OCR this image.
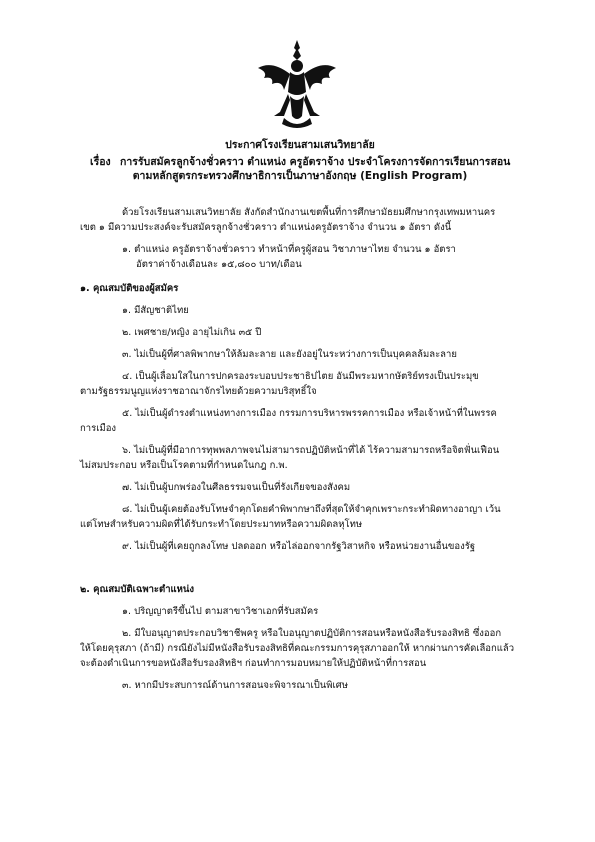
ประกาศโรงเรียนสามเสนวิทยาลัย
เรื่อง การรับสมัครลูกจ้างชั่วคราว ตำแหน่ง ครูอัตราจ้าง ประจำโครงการจัดการเรียนการสอน
ตามหลักสูตรกระทรวงศึกษาธิการเป็นภาษาอังกฤษ (English Program)

ด้วยโรงเรียนสามเสนวิทยาลัย สังกัดสำนักงานเขตพื้นที่การศึกษามัธยมศึกษากรุงเทพมหานคร

เขต ๑ มีความประสงค์จะรับสมัครลูกจ้างชั่วคราว ตำแหน่งครูอัตราจ้าง จำนวน ๑ อัตรา ดังนี้

๑. ตำแหน่ง ครูอัตราจ้างชั่วคราว ทำหน้าที่ครูผู้สอน วิชาภาษาไทย จำนวน ๑ อัตรา

อัตราค่าจ้างเดือนละ ๑๕,๘๐๐ บาท/เดือน

๑. คุณสมบัติของผู้สมัคร

๑. มีสัญชาติไทย

๒. เพศชาย/หญิง อายุไม่เกิน ๓๕ ปี

๓. ไม่เป็นผู้ที่ศาลพิพากษาให้ล้มละลาย และยังอยู่ในระหว่างการเป็นบุคคลล้มละลาย

๔. เป็นผู้เลื่อมใสในการปกครองระบอบประชาธิปไตย อันมีพระมหากษัตริย์ทรงเป็นประมุข

ตามรัฐธรรมนูญแห่งราชอาณาจักรไทยด้วยความบริสุทธิ์ใจ

๕. ไม่เป็นผู้ดำรงตำแหน่งทางการเมือง กรรมการบริหารพรรคการเมือง หรือเจ้าหน้าที่ในพรรค

การเมือง

๖. ไม่เป็นผู้ที่มีอาการทุพพลภาพจนไม่สามารถปฏิบัติหน้าที่ได้ ไร้ความสามารถหรือจิตฟั่นเฟือน

ไม่สมประกอบ หรือเป็นโรคตามที่กำหนดในกฎ ก.พ.

๗. ไม่เป็นผู้บกพร่องในศีลธรรมจนเป็นที่รังเกียจของสังคม

๘. ไม่เป็นผู้เคยต้องรับโทษจำคุกโดยคำพิพากษาถึงที่สุดให้จำคุกเพราะกระทำผิดทางอาญา เว้น

แต่โทษสำหรับความผิดที่ได้รับกระทำโดยประมาทหรือความผิดลหุโทษ

๙. ไม่เป็นผู้ที่เคยถูกลงโทษ ปลดออก หรือไล่ออกจากรัฐวิสาหกิจ หรือหน่วยงานอื่นของรัฐ

๒. คุณสมบัติเฉพาะตำแหน่ง

๑. ปริญญาตรีขึ้นไป ตามสาขาวิชาเอกที่รับสมัคร

๒. มีใบอนุญาตประกอบวิชาชีพครู หรือใบอนุญาตปฏิบัติการสอนหรือหนังสือรับรองสิทธิ ซึ่งออก

ให้โดยคุรุสภา (ถ้ามี) กรณียังไม่มีหนังสือรับรองสิทธิที่คณะกรรมการคุรุสภาออกให้ หากผ่านการคัดเลือกแล้ว

จะต้องดำเนินการขอหนังสือรับรองสิทธิฯ ก่อนทำการมอบหมายให้ปฏิบัติหน้าที่การสอน

๓. หากมีประสบการณ์ด้านการสอนจะพิจารณาเป็นพิเศษ
